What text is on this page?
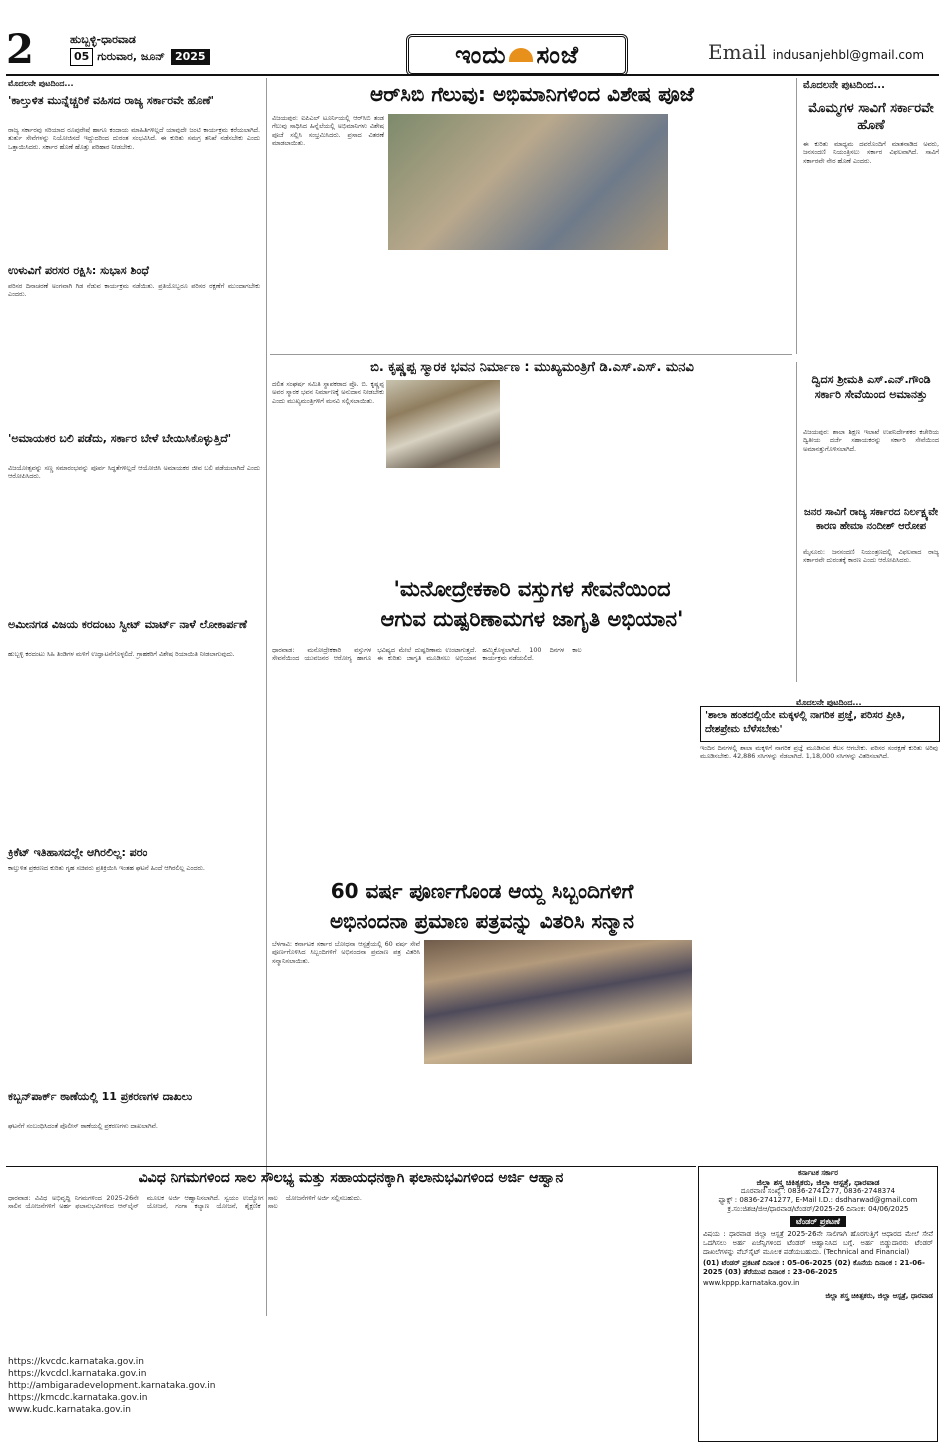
2	ಹುಬ್ಬಳ್ಳಿ-ಧಾರವಾಡ
05 ಗುರುವಾರ, ಜೂನ್ 2025	ಇಂದು ಸಂಜೆ	Email indusanjehbl@gmail.com
ಮೊದಲನೇ ಪುಟದಿಂದ...
'ಕಾಲ್ತುಳಿತ ಮುನ್ನೆಚ್ಚರಿಕೆ ವಹಿಸದ ರಾಜ್ಯ ಸರ್ಕಾರವೇ ಹೊಣೆ'
ರಾಜ್ಯ ಸರ್ಕಾರವು ಸರಿಯಾದ ರೂಪುರೇಷೆ ಹಾಗೂ ಕಂದಾಯ ಮಾಹಿತಿಗಳಿಲ್ಲದೆ ಯಾವುದೇ ಜಂಟಿ ಕಾರ್ಯಕ್ರಮ ಕರೆಯಲಾಗಿದೆ. ತುರ್ತು ಸೇವೆಗಳನ್ನು ನಿಯೋಜಿಸದೆ ಇದ್ದುದರಿಂದ ದುರಂತ ಸಂಭವಿಸಿದೆ. ಈ ಕುರಿತು ಸಮಗ್ರ ತನಿಖೆ ನಡೆಸಬೇಕು ಎಂದು ಒತ್ತಾಯಿಸಿದರು. ಸರ್ಕಾರ ಹೊಣೆ ಹೊತ್ತು ಪರಿಹಾರ ನೀಡಬೇಕು.
ಉಳುವಿಗೆ ಪರಸರ ರಕ್ಷಿಸಿ: ಸುಭಾಸ ಶಿಂಧೆ
ಪರಿಸರ ದಿನಾಚರಣೆ ಅಂಗವಾಗಿ ಗಿಡ ನೆಡುವ ಕಾರ್ಯಕ್ರಮ ನಡೆಯಿತು. ಪ್ರತಿಯೊಬ್ಬರೂ ಪರಿಸರ ರಕ್ಷಣೆಗೆ ಮುಂದಾಗಬೇಕು ಎಂದರು.
'ಅಮಾಯಕರ ಬಲಿ ಪಡೆದು, ಸರ್ಕಾರ ಬೇಳೆ ಬೇಯಿಸಿಕೊಳ್ಳುತ್ತಿದೆ'
ವಿಜಯೋತ್ಸವನ್ನು ಸಣ್ಣ ಸಮಾರಂಭವನ್ನು ಪೂರ್ವ ಸಿದ್ಧತೆಗಳಿಲ್ಲದೆ ಆಯೋಜಿಸಿ ಅಮಾಯಕರ ಜೀವ ಬಲಿ ಪಡೆಯಲಾಗಿದೆ ಎಂದು ಆರೋಪಿಸಿದರು.
ಅಮೀನಗಡ ವಿಜಯ ಕರದಂಟು ಸ್ವೀಟ್ ಮಾರ್ಟ್ ನಾಳೆ ಲೋಕಾರ್ಪಣೆ
ಹುಬ್ಬಳ್ಳಿ ಕರದಂಟು ಸಿಹಿ ತಿಂಡಿಗಳ ಮಳಿಗೆ ಉದ್ಘಾಟನೆಗೊಳ್ಳಲಿದೆ. ಗ್ರಾಹಕರಿಗೆ ವಿಶೇಷ ರಿಯಾಯಿತಿ ನೀಡಲಾಗುವುದು.
ಕ್ರಿಕೆಟ್ ಇತಿಹಾಸದಲ್ಲೇ ಆಗಿರಲಿಲ್ಲ: ಪರಂ
ಕಾಲ್ತುಳಿತ ಪ್ರಕರಣದ ಕುರಿತು ಗೃಹ ಸಚಿವರು ಪ್ರತಿಕ್ರಿಯಿಸಿ ಇಂತಹ ಘಟನೆ ಹಿಂದೆ ಆಗಿರಲಿಲ್ಲ ಎಂದರು.
ಕಬ್ಬನ್‌ಪಾರ್ಕ್ ಠಾಣೆಯಲ್ಲಿ 11 ಪ್ರಕರಣಗಳ ದಾಖಲು
ಘಟನೆಗೆ ಸಂಬಂಧಿಸಿದಂತೆ ಪೊಲೀಸ್ ಠಾಣೆಯಲ್ಲಿ ಪ್ರಕರಣಗಳು ದಾಖಲಾಗಿವೆ.
ಆರ್‌ಸಿಬಿ ಗೆಲುವು: ಅಭಿಮಾನಿಗಳಿಂದ ವಿಶೇಷ ಪೂಜೆ
ವಿಜಯಪುರ: ಐಪಿಎಲ್ ಟೂರ್ನಿಯಲ್ಲಿ ಆರ್‌ಸಿಬಿ ತಂಡ ಗೆಲುವು ಸಾಧಿಸಿದ ಹಿನ್ನೆಲೆಯಲ್ಲಿ ಅಭಿಮಾನಿಗಳು ವಿಶೇಷ ಪೂಜೆ ಸಲ್ಲಿಸಿ ಸಂಭ್ರಮಿಸಿದರು. ಪ್ರಸಾದ ವಿತರಣೆ ಮಾಡಲಾಯಿತು.
ಮೊದಲನೇ ಪುಟದಿಂದ...
ಮೊಮ್ಮಗಳ ಸಾವಿಗೆ ಸರ್ಕಾರವೇ ಹೊಣೆ
ಈ ಕುರಿತು ಮಾಧ್ಯಮ ದವರೊಂದಿಗೆ ಮಾತನಾಡಿದ ಅವರು, ಜನಸಂದಣಿ ನಿಯಂತ್ರಿಸಲು ಸರ್ಕಾರ ವಿಫಲವಾಗಿದೆ. ಸಾವಿಗೆ ಸರ್ಕಾರವೇ ನೇರ ಹೊಣೆ ಎಂದರು.
ಬಿ. ಕೃಷ್ಣಪ್ಪ ಸ್ಮಾರಕ ಭವನ ನಿರ್ಮಾಣ : ಮುಖ್ಯಮಂತ್ರಿಗೆ ಡಿ.ಎಸ್.ಎಸ್. ಮನವಿ
ದಲಿತ ಸಂಘರ್ಷ ಸಮಿತಿ ಸ್ಥಾಪಕರಾದ ಪ್ರೊ. ಬಿ. ಕೃಷ್ಣಪ್ಪ ಅವರ ಸ್ಮಾರಕ ಭವನ ನಿರ್ಮಾಣಕ್ಕೆ ಅನುದಾನ ನೀಡಬೇಕು ಎಂದು ಮುಖ್ಯಮಂತ್ರಿಗಳಿಗೆ ಮನವಿ ಸಲ್ಲಿಸಲಾಯಿತು.
ದ್ವಿದಸ ಶ್ರೀಮತಿ ಎಸ್.ಎನ್.ಗೌಂಡಿ ಸರ್ಕಾರಿ ಸೇವೆಯಿಂದ ಅಮಾನತ್ತು
ವಿಜಯಪುರ: ಶಾಲಾ ಶಿಕ್ಷಣ ಇಲಾಖೆ ಉಪನಿರ್ದೇಶಕರ ಕಚೇರಿಯ ದ್ವಿತೀಯ ದರ್ಜೆ ಸಹಾಯಕರನ್ನು ಸರ್ಕಾರಿ ಸೇವೆಯಿಂದ ಅಮಾನತ್ತುಗೊಳಿಸಲಾಗಿದೆ.
ಜನರ ಸಾವಿಗೆ ರಾಜ್ಯ ಸರ್ಕಾರದ ನಿರ್ಲಕ್ಷ್ಯವೇ ಕಾರಣ ಹೇಮಾ ನಂದೀಶ್ ಆರೋಪ
ಮೈಸೂರು: ಜನಸಂದಣಿ ನಿಯಂತ್ರಣದಲ್ಲಿ ವಿಫಲವಾದ ರಾಜ್ಯ ಸರ್ಕಾರವೇ ದುರಂತಕ್ಕೆ ಕಾರಣ ಎಂದು ಆರೋಪಿಸಿದರು.
'ಮನೋದ್ರೇಕಕಾರಿ ವಸ್ತುಗಳ ಸೇವನೆಯಿಂದ
ಆಗುವ ದುಷ್ಪರಿಣಾಮಗಳ ಜಾಗೃತಿ ಅಭಿಯಾನ'
ಧಾರವಾಡ: ಮನೋದ್ರೇಕಕಾರಿ ವಸ್ತುಗಳ ಸೇವನೆಯಿಂದ ಯುವಜನರ ಆರೋಗ್ಯ ಹಾಗೂ ಭವಿಷ್ಯದ ಮೇಲೆ ದುಷ್ಪರಿಣಾಮ ಉಂಟಾಗುತ್ತದೆ. ಈ ಕುರಿತು ಜಾಗೃತಿ ಮೂಡಿಸಲು ಅಭಿಯಾನ ಹಮ್ಮಿಕೊಳ್ಳಲಾಗಿದೆ. 100 ದಿನಗಳ ಕಾಲ ಕಾರ್ಯಕ್ರಮ ನಡೆಯಲಿದೆ.
ಮೊದಲನೇ ಪುಟದಿಂದ...
'ಶಾಲಾ ಹಂತದಲ್ಲಿಯೇ ಮಕ್ಕಳಲ್ಲಿ ನಾಗರಿಕ ಪ್ರಜ್ಞೆ, ಪರಿಸರ ಪ್ರೀತಿ, ದೇಶಪ್ರೇಮ ಬೆಳೆಸಬೇಕು'
ಇಂದಿನ ದಿನಗಳಲ್ಲಿ ಶಾಲಾ ಮಕ್ಕಳಿಗೆ ನಾಗರಿಕ ಪ್ರಜ್ಞೆ ಮೂಡಿಸುವ ಕೆಲಸ ಆಗಬೇಕು. ಪರಿಸರ ಸಂರಕ್ಷಣೆ ಕುರಿತು ಅರಿವು ಮೂಡಿಸಬೇಕು. 42,886 ಸಸಿಗಳನ್ನು ನೆಡಲಾಗಿದೆ. 1,18,000 ಸಸಿಗಳನ್ನು ವಿತರಿಸಲಾಗಿದೆ.
60 ವರ್ಷ ಪೂರ್ಣಗೊಂಡ ಆಯ್ದ ಸಿಬ್ಬಂದಿಗಳಿಗೆ
ಅಭಿನಂದನಾ ಪ್ರಮಾಣ ಪತ್ರವನ್ನು ವಿತರಿಸಿ ಸನ್ಮಾನ
ಬೆಳಗಾವಿ: ಕರ್ನಾಟಕ ಸರ್ಕಾರ ಬೋಧನಾ ಆಸ್ಪತ್ರೆಯಲ್ಲಿ 60 ವರ್ಷ ಸೇವೆ ಪೂರ್ಣಗೊಳಿಸಿದ ಸಿಬ್ಬಂದಿಗಳಿಗೆ ಅಭಿನಂದನಾ ಪ್ರಮಾಣ ಪತ್ರ ವಿತರಿಸಿ ಸನ್ಮಾನಿಸಲಾಯಿತು.
ವಿವಿಧ ನಿಗಮಗಳಿಂದ ಸಾಲ ಸೌಲಭ್ಯ ಮತ್ತು ಸಹಾಯಧನಕ್ಕಾಗಿ ಫಲಾನುಭವಿಗಳಿಂದ ಅರ್ಜಿ ಆಹ್ವಾನ
ಧಾರವಾಡ: ವಿವಿಧ ಅಭಿವೃದ್ಧಿ ನಿಗಮಗಳಿಂದ 2025-26ನೇ ಸಾಲಿನ ಯೋಜನೆಗಳಿಗೆ ಅರ್ಹ ಫಲಾನುಭವಿಗಳಿಂದ ಆನ್‌ಲೈನ್ ಮೂಲಕ ಅರ್ಜಿ ಆಹ್ವಾನಿಸಲಾಗಿದೆ. ಸ್ವಯಂ ಉದ್ಯೋಗ ಸಾಲ ಯೋಜನೆ, ಗಂಗಾ ಕಲ್ಯಾಣ ಯೋಜನೆ, ಶೈಕ್ಷಣಿಕ ಸಾಲ ಯೋಜನೆಗಳಿಗೆ ಅರ್ಜಿ ಸಲ್ಲಿಸಬಹುದು.
https://kvcdc.karnataka.gov.in
https://kvcdcl.karnataka.gov.in
http://ambigaradevelopment.karnataka.gov.in
https://kmcdc.karnataka.gov.in
www.kudc.karnataka.gov.in
ಕರ್ನಾಟಕ ಸರ್ಕಾರ
ಜಿಲ್ಲಾ ಶಸ್ತ್ರ ಚಿಕಿತ್ಸಕರು, ಜಿಲ್ಲಾ ಆಸ್ಪತ್ರೆ, ಧಾರವಾಡ
ದೂರವಾಣಿ ಸಂಖ್ಯೆ : 0836-2741277, 0836-2748374
ಫ್ಯಾಕ್ಸ್ : 0836-2741277, E-Mail I.D.: dsdharwad@gmail.com
ಕ್ರ.ಸಂ:ಜಿಶಚಿ/ಜಿಆ/ಧಾರವಾಡ/ಟೆಂಡರ್/2025-26 ದಿನಾಂಕ: 04/06/2025
ಟೆಂಡರ್ ಪ್ರಕಟಣೆ
ವಿಷಯ : ಧಾರವಾಡ ಜಿಲ್ಲಾ ಆಸ್ಪತ್ರೆ 2025-26ನೇ ಸಾಲಿಗಾಗಿ ಹೊರಗುತ್ತಿಗೆ ಆಧಾರದ ಮೇಲೆ ಸೇವೆ ಒದಗಿಸಲು ಅರ್ಹ ಏಜೆನ್ಸಿಗಳಿಂದ ಟೆಂಡರ್ ಆಹ್ವಾನಿಸಿದ ಬಗ್ಗೆ. ಅರ್ಹ ಬಿಡ್ಡುದಾರರು ಟೆಂಡರ್ ದಾಖಲೆಗಳನ್ನು ವೆಬ್‌ಸೈಟ್ ಮೂಲಕ ಪಡೆಯಬಹುದು. (Technical and Financial)
(01) ಟೆಂಡರ್ ಪ್ರಕಟಣೆ ದಿನಾಂಕ : 05-06-2025 (02) ಕೊನೆಯ ದಿನಾಂಕ : 21-06-2025 (03) ತೆರೆಯುವ ದಿನಾಂಕ : 23-06-2025
www.kppp.karnataka.gov.in
ಜಿಲ್ಲಾ ಶಸ್ತ್ರ ಚಿಕಿತ್ಸಕರು, ಜಿಲ್ಲಾ ಆಸ್ಪತ್ರೆ, ಧಾರವಾಡ
